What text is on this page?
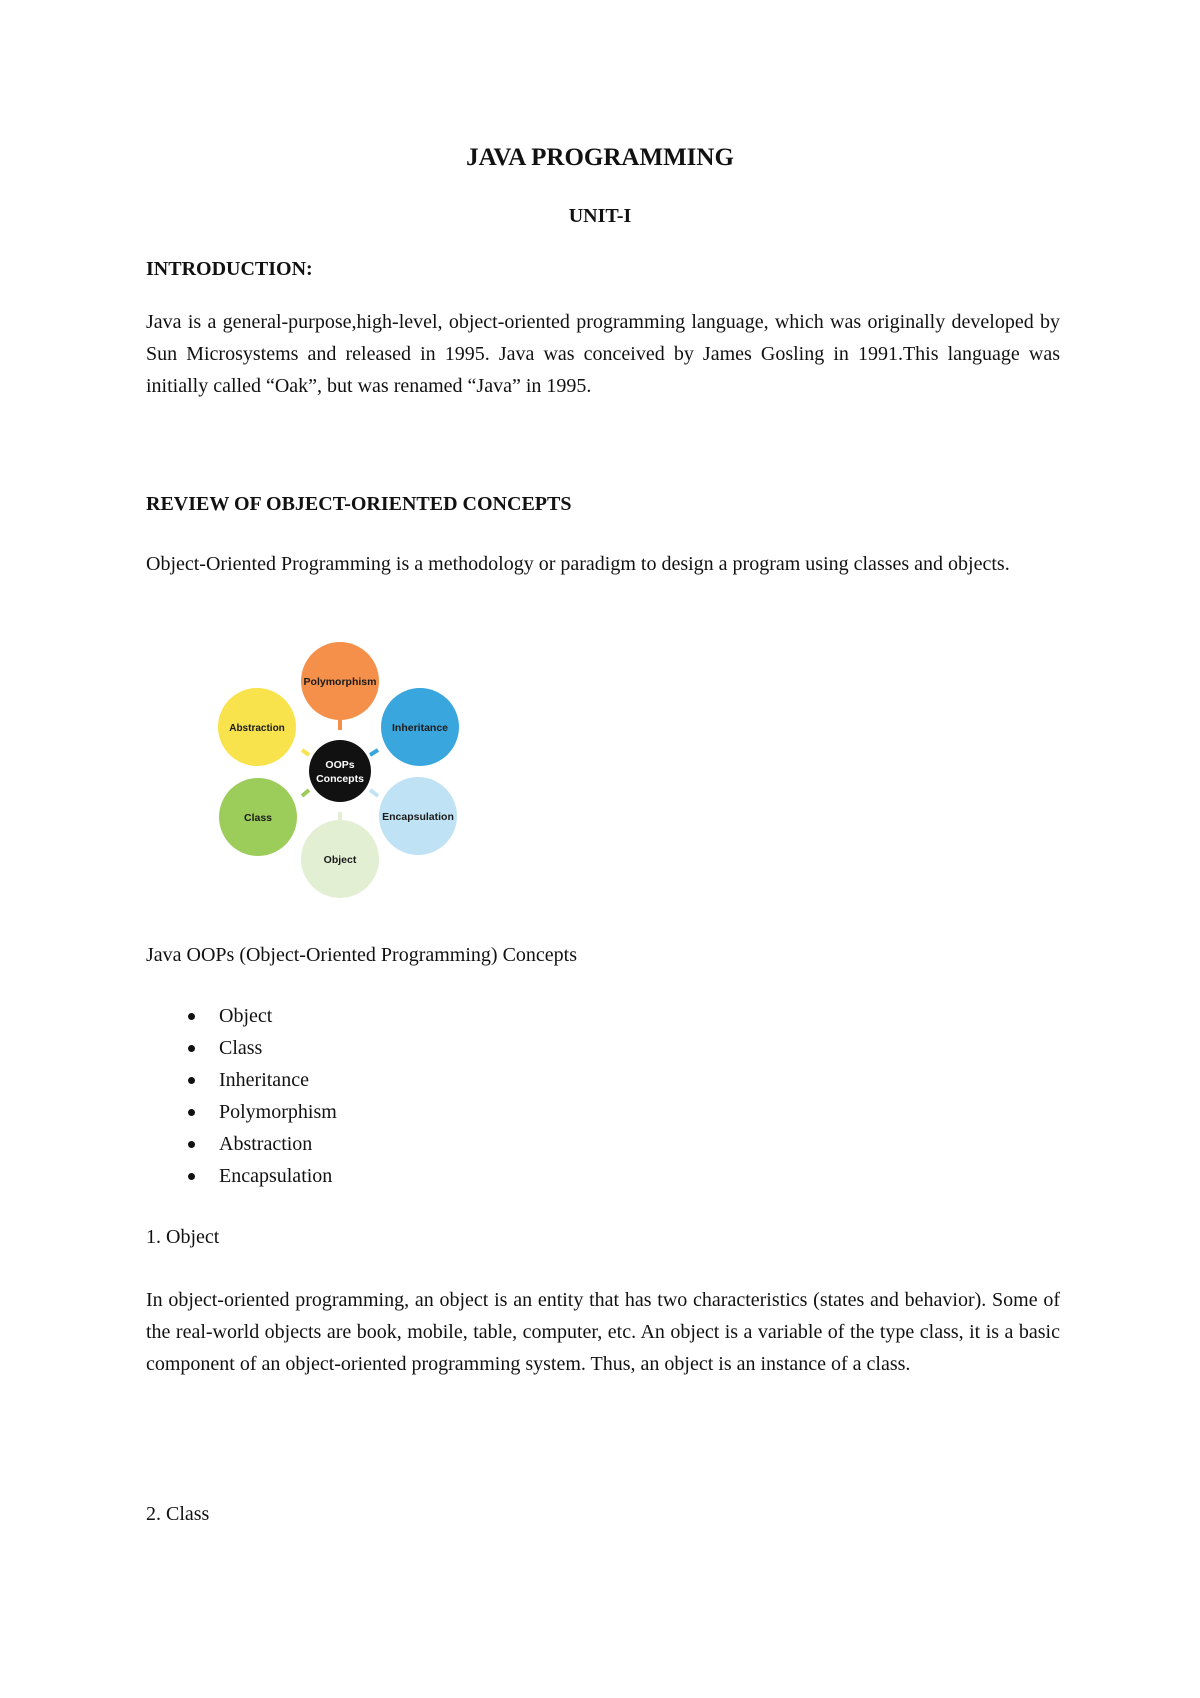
JAVA PROGRAMMING
UNIT-I
INTRODUCTION:

Java is a general-purpose,high-level, object-oriented programming language, which was originally developed by Sun Microsystems and released in 1995. Java was conceived by James Gosling in 1991.This language was initially called “Oak”, but was renamed “Java” in 1995.

REVIEW OF OBJECT-ORIENTED CONCEPTS

Object-Oriented Programming is a methodology or paradigm to design a program using classes and objects.

Polymorphism
Inheritance
Encapsulation
Object
Class
Abstraction
OOPs
Concepts

Java OOPs (Object-Oriented Programming) Concepts

Object
Class
Inheritance
Polymorphism
Abstraction
Encapsulation

1. Object

In object-oriented programming, an object is an entity that has two characteristics (states and behavior). Some of the real-world objects are book, mobile, table, computer, etc. An object is a variable of the type class, it is a basic component of an object-oriented programming system. Thus, an object is an instance of a class.

2. Class
